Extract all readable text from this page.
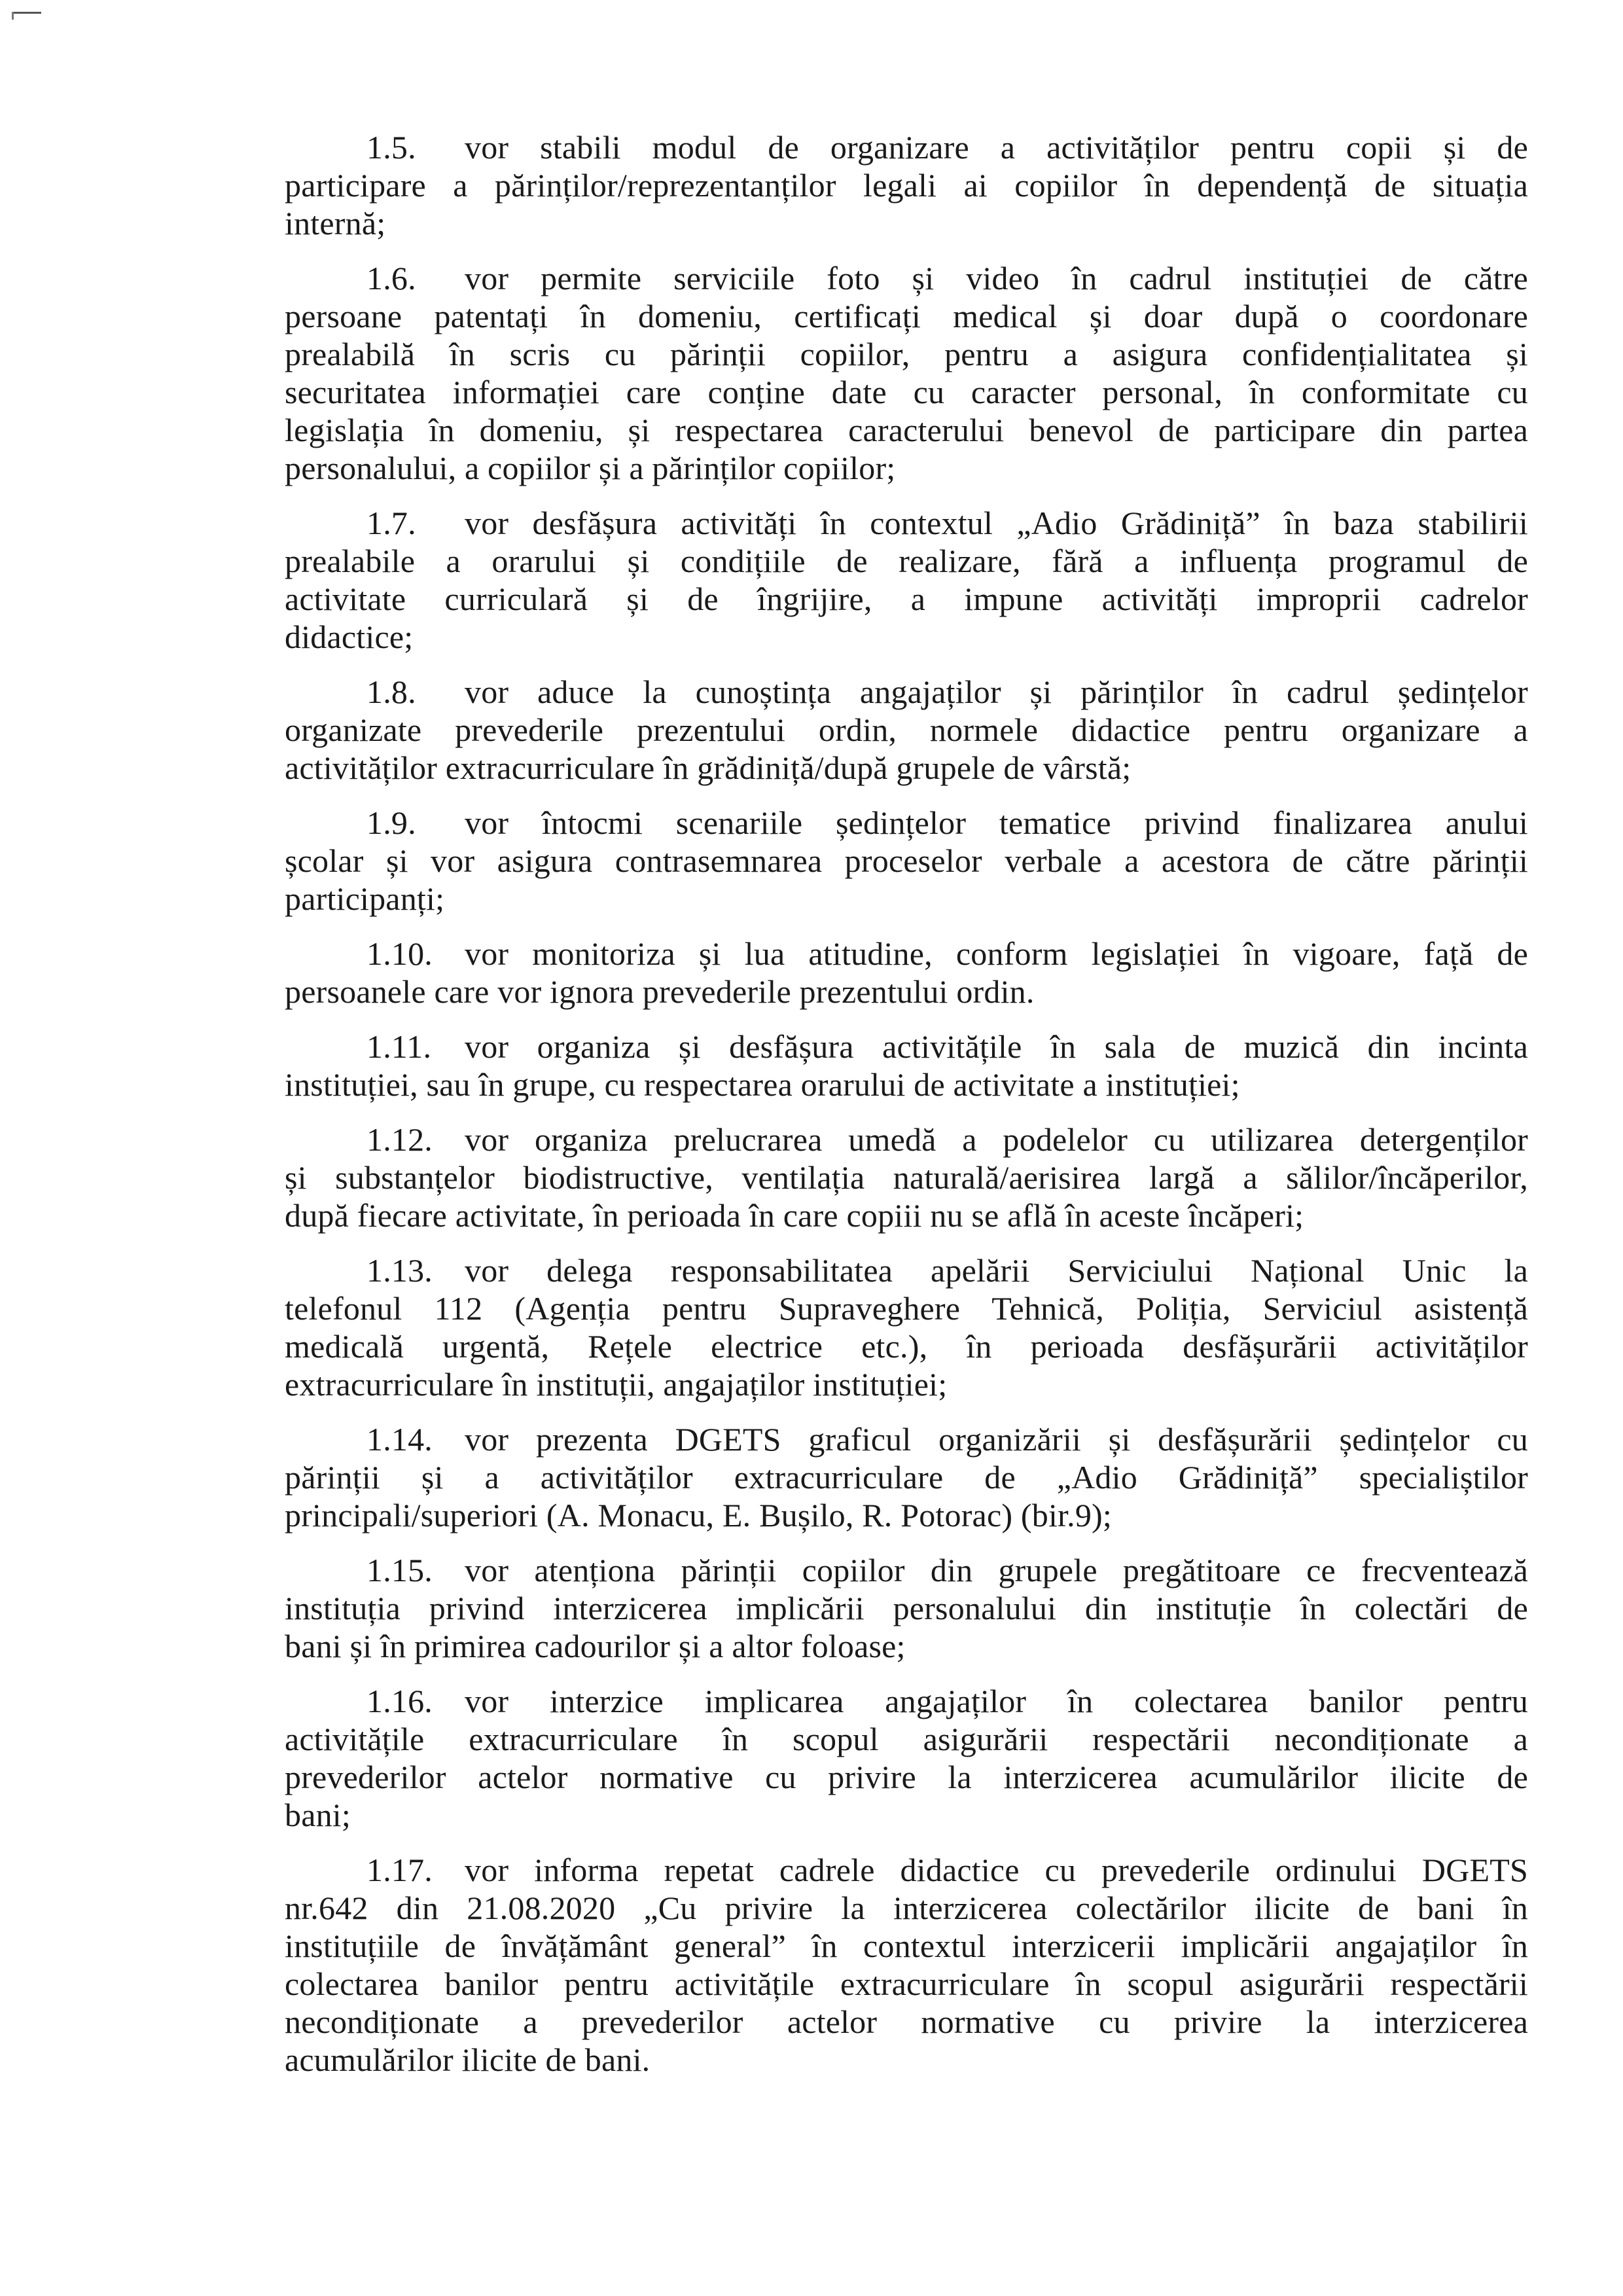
1.5. vor stabili modul de organizare a activităților pentru copii și de
participare a părinților/reprezentanților legali ai copiilor în dependență de situația
internă;
1.6. vor permite serviciile foto și video în cadrul instituției de către
persoane patentați în domeniu, certificați medical și doar după o coordonare
prealabilă în scris cu părinții copiilor, pentru a asigura confidențialitatea și
securitatea informației care conține date cu caracter personal, în conformitate cu
legislația în domeniu, și respectarea caracterului benevol de participare din partea
personalului, a copiilor și a părinților copiilor;
1.7. vor desfășura activități în contextul „Adio Grădiniță” în baza stabilirii
prealabile a orarului și condițiile de realizare, fără a influența programul de
activitate curriculară și de îngrijire, a impune activități improprii cadrelor
didactice;
1.8. vor aduce la cunoștința angajaților și părinților în cadrul ședințelor
organizate prevederile prezentului ordin, normele didactice pentru organizare a
activităților extracurriculare în grădiniță/după grupele de vârstă;
1.9. vor întocmi scenariile ședințelor tematice privind finalizarea anului
școlar și vor asigura contrasemnarea proceselor verbale a acestora de către părinții
participanți;
1.10. vor monitoriza și lua atitudine, conform legislației în vigoare, față de
persoanele care vor ignora prevederile prezentului ordin.
1.11. vor organiza și desfășura activitățile în sala de muzică din incinta
instituției, sau în grupe, cu respectarea orarului de activitate a instituției;
1.12. vor organiza prelucrarea umedă a podelelor cu utilizarea detergenților
și substanțelor biodistructive, ventilația naturală/aerisirea largă a sălilor/încăperilor,
după fiecare activitate, în perioada în care copiii nu se află în aceste încăperi;
1.13. vor delega responsabilitatea apelării Serviciului Național Unic la
telefonul 112 (Agenția pentru Supraveghere Tehnică, Poliția, Serviciul asistență
medicală urgentă, Rețele electrice etc.), în perioada desfășurării activităților
extracurriculare în instituții, angajaților instituției;
1.14. vor prezenta DGETS graficul organizării și desfășurării ședințelor cu
părinții și a activităților extracurriculare de „Adio Grădiniță” specialiștilor
principali/superiori (A. Monacu, E. Bușilo, R. Potorac) (bir.9);
1.15. vor atenționa părinții copiilor din grupele pregătitoare ce frecventează
instituția privind interzicerea implicării personalului din instituție în colectări de
bani și în primirea cadourilor și a altor foloase;
1.16. vor interzice implicarea angajaților în colectarea banilor pentru
activitățile extracurriculare în scopul asigurării respectării necondiționate a
prevederilor actelor normative cu privire la interzicerea acumulărilor ilicite de
bani;
1.17. vor informa repetat cadrele didactice cu prevederile ordinului DGETS
nr.642 din 21.08.2020 „Cu privire la interzicerea colectărilor ilicite de bani în
instituțiile de învățământ general” în contextul interzicerii implicării angajaților în
colectarea banilor pentru activitățile extracurriculare în scopul asigurării respectării
necondiționate a prevederilor actelor normative cu privire la interzicerea
acumulărilor ilicite de bani.
